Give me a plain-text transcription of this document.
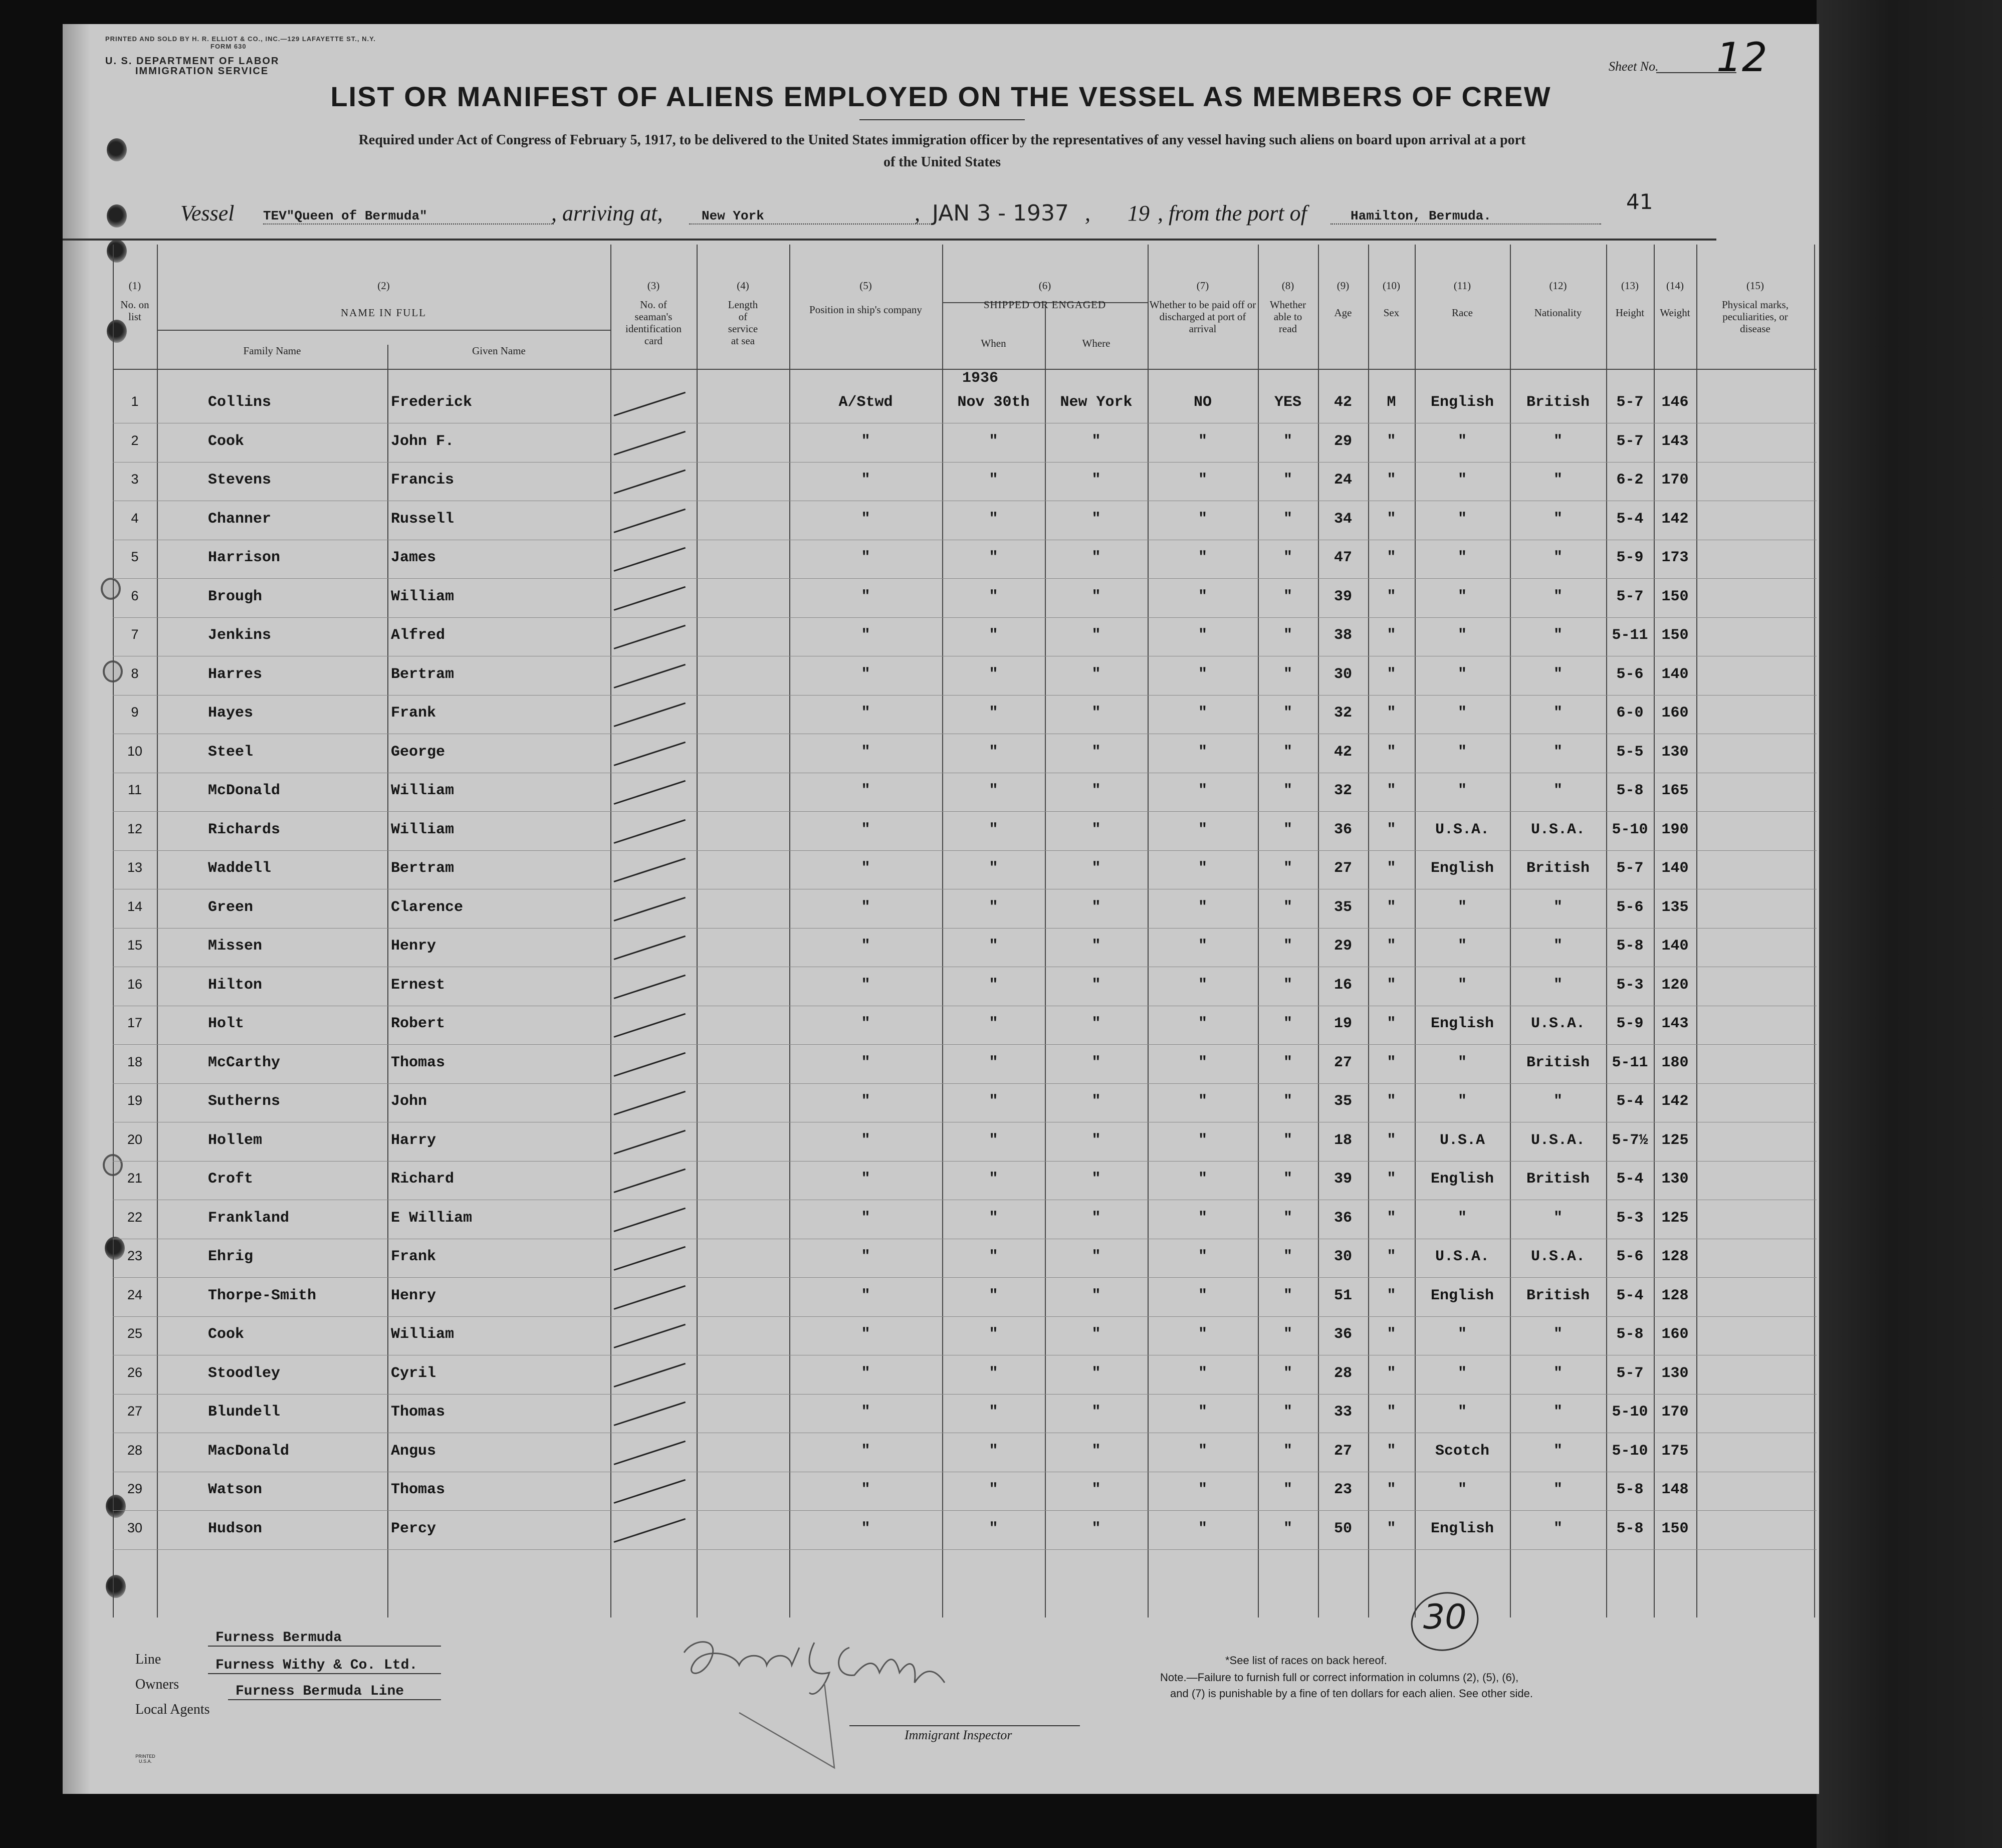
PRINTED AND SOLD BY H. R. ELLIOT & CO., INC.—129 LAFAYETTE ST., N.Y.
FORM 630
U. S. DEPARTMENT OF LABOR
IMMIGRATION SERVICE	Sheet No. 12
LIST OR MANIFEST OF ALIENS EMPLOYED ON THE VESSEL AS MEMBERS OF CREW
Required under Act of Congress of February 5, 1917, to be delivered to the United States immigration officer by the representatives of any vessel having such aliens on board upon arrival at a port
of the United States
Vessel TEV"Queen of Bermuda"	, arriving at,	New York	, JAN 3 - 1937 , 19 , from the port of	Hamilton, Bermuda.
41
(1)
No. on list
(2)
NAME IN FULL
Family Name	Given Name
(3)
No. of seaman's identification card
(4)
Length of service at sea
(5)
Position in ship's company
(6)
SHIPPED OR ENGAGED
When	Where
(7)
Whether to be paid off or discharged at port of arrival
(8)
Whether able to read
(9)
Age
(10)
Sex
(11)
Race
(12)
Nationality
(13)
Height
(14)
Weight
(15)
Physical marks, peculiarities, or disease
1936
1	Collins	Frederick	A/Stwd	Nov 30th	New York	NO	YES	42	M	English	British	5-7	146
2	Cook	John F.	"	"	"	"	"	29	"	"	"	5-7	143
3	Stevens	Francis	"	"	"	"	"	24	"	"	"	6-2	170
4	Channer	Russell	"	"	"	"	"	34	"	"	"	5-4	142
5	Harrison	James	"	"	"	"	"	47	"	"	"	5-9	173
6	Brough	William	"	"	"	"	"	39	"	"	"	5-7	150
7	Jenkins	Alfred	"	"	"	"	"	38	"	"	"	5-11 150
8	Harres	Bertram	"	"	"	"	"	30	"	"	"	5-6	140
9	Hayes	Frank	"	"	"	"	"	32	"	"	"	6-0	160
10	Steel	George	"	"	"	"	"	42	"	"	"	5-5	130
11	McDonald	William	"	"	"	"	"	32	"	"	"	5-8	165
12	Richards	William	"	"	"	"	"	36	"	U.S.A.	U.S.A.	5-10 190
13	Waddell	Bertram	"	"	"	"	"	27	"	English	British	5-7	140
14	Green	Clarence	"	"	"	"	"	35	"	"	"	5-6	135
15	Missen	Henry	"	"	"	"	"	29	"	"	"	5-8	140
16	Hilton	Ernest	"	"	"	"	"	16	"	"	"	5-3	120
17	Holt	Robert	"	"	"	"	"	19	"	English	U.S.A.	5-9	143
18	McCarthy	Thomas	"	"	"	"	"	27	"	"	British	5-11 180
19	Sutherns	John	"	"	"	"	"	35	"	"	"	5-4	142
20	Hollem	Harry	"	"	"	"	"	18	"	U.S.A	U.S.A.	5-7½ 125
21	Croft	Richard	"	"	"	"	"	39	"	English	British	5-4	130
22	Frankland	E William	"	"	"	"	"	36	"	"	"	5-3	125
23	Ehrig	Frank	"	"	"	"	"	30	"	U.S.A.	U.S.A.	5-6	128
24	Thorpe-Smith	Henry	"	"	"	"	"	51	"	English	British	5-4	128
25	Cook	William	"	"	"	"	"	36	"	"	"	5-8	160
26	Stoodley	Cyril	"	"	"	"	"	28	"	"	"	5-7	130
27	Blundell	Thomas	"	"	"	"	"	33	"	"	"	5-10 170
28	MacDonald	Angus	"	"	"	"	"	27	"	Scotch	"	5-10 175
29	Watson	Thomas	"	"	"	"	"	23	"	"	"	5-8	148
30	Hudson	Percy	"	"	"	"	"	50	"	English	"	5-8	150
30
Line
Furness Bermuda
Owners
Furness Withy & Co. Ltd.
Local Agents
Furness Bermuda Line
Herbert J. Conly
Immigrant Inspector
*See list of races on back hereof.
Note.—Failure to furnish full or correct information in columns (2), (5), (6),
and (7) is punishable by a fine of ten dollars for each alien. See other side.
PRINTED U.S.A.
